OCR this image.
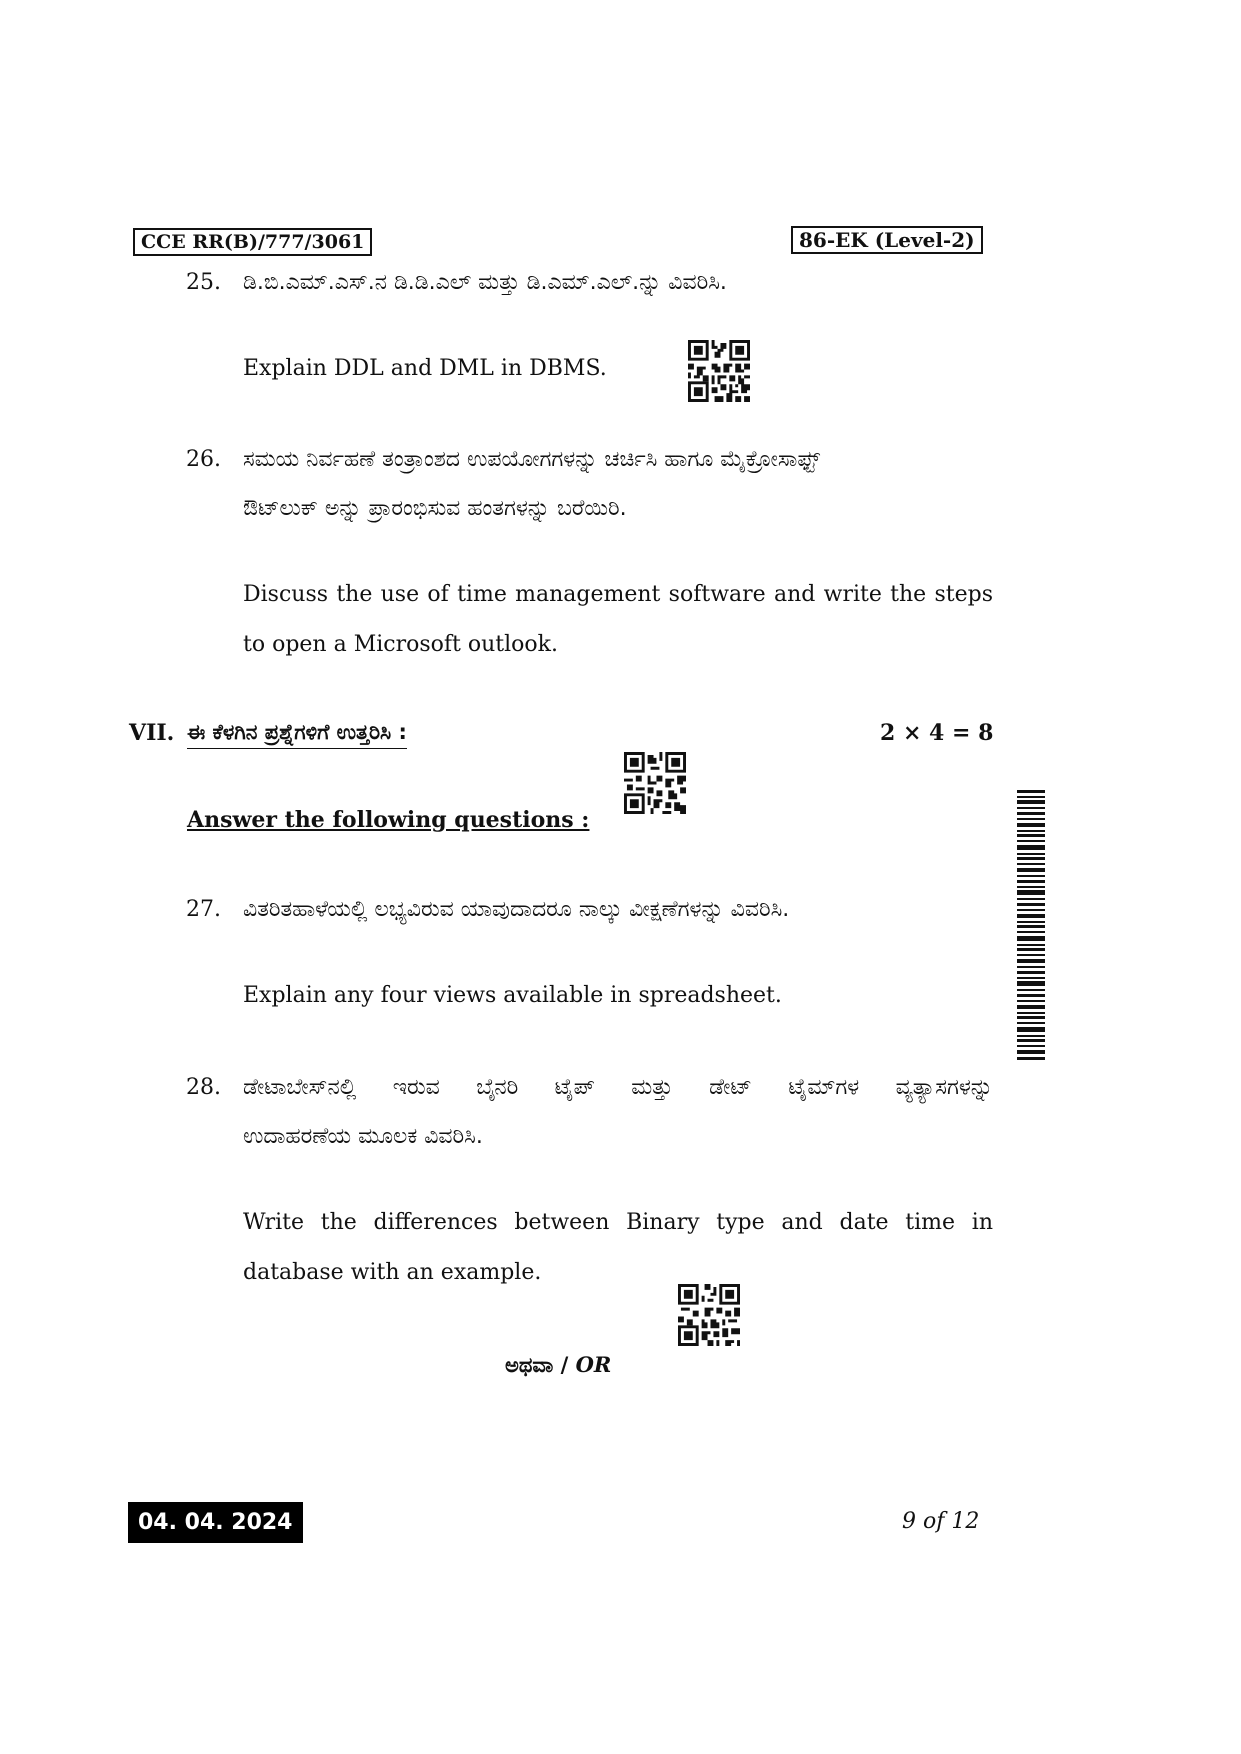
CCE RR(B)/777/3061	86-EK (Level-2)
25. ಡಿ.ಬಿ.ಎಮ್.ಎಸ್.ನ ಡಿ.ಡಿ.ಎಲ್ ಮತ್ತು ಡಿ.ಎಮ್.ಎಲ್.ನ್ನು ವಿವರಿಸಿ.
Explain DDL and DML in DBMS.
26. ಸಮಯ ನಿರ್ವಹಣೆ ತಂತ್ರಾಂಶದ ಉಪಯೋಗಗಳನ್ನು ಚರ್ಚಿಸಿ ಹಾಗೂ ಮೈಕ್ರೋಸಾಫ್ಟ್
ಔಟ್‌ಲುಕ್ ಅನ್ನು ಪ್ರಾರಂಭಿಸುವ ಹಂತಗಳನ್ನು ಬರೆಯಿರಿ.
Discuss the use of time management software and write the steps
to open a Microsoft outlook.
VII. ಈ ಕೆಳಗಿನ ಪ್ರಶ್ನೆಗಳಿಗೆ ಉತ್ತರಿಸಿ :	2 × 4 = 8
Answer the following questions :
27. ವಿತರಿತಹಾಳೆಯಲ್ಲಿ ಲಭ್ಯವಿರುವ ಯಾವುದಾದರೂ ನಾಲ್ಕು ವೀಕ್ಷಣೆಗಳನ್ನು ವಿವರಿಸಿ.
Explain any four views available in spreadsheet.
28. ಡೇಟಾಬೇಸ್‌ನಲ್ಲಿ ಇರುವ ಬೈನರಿ ಟೈಪ್ ಮತ್ತು ಡೇಟ್ ಟೈಮ್‌ಗಳ ವ್ಯತ್ಯಾಸಗಳನ್ನು
ಉದಾಹರಣೆಯ ಮೂಲಕ ವಿವರಿಸಿ.
Write the differences between Binary type and date time in
database with an example.
ಅಥವಾ / OR
04. 04. 2024	9 of 12
